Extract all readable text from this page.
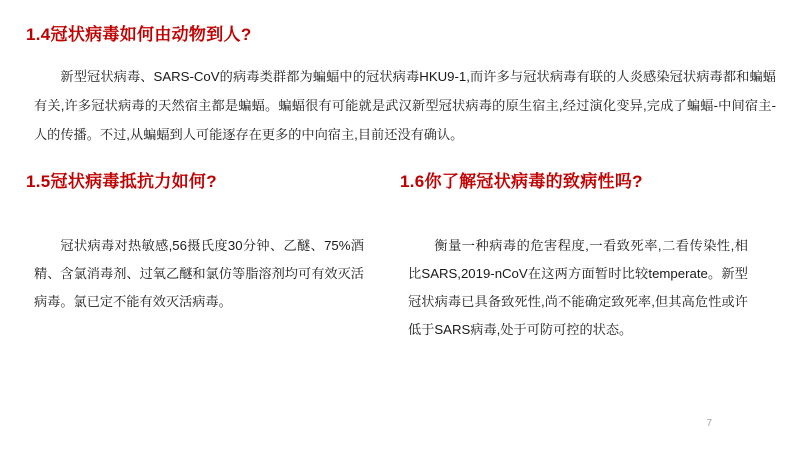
1.4冠状病毒如何由动物到人?
新型冠状病毒、SARS-CoV的病毒类群都为蝙蝠中的冠状病毒HKU9-1,而许多与冠状病毒有联的人炎感染冠状病毒都和蝙蝠有关,许多冠状病毒的天然宿主都是蝙蝠。蝙蝠很有可能就是武汉新型冠状病毒的原生宿主,经过演化变异,完成了蝙蝠-中间宿主-人的传播。不过,从蝙蝠到人可能逐存在更多的中向宿主,目前还没有确认。
1.5冠状病毒抵抗力如何?
冠状病毒对热敏感,56摄氏度30分钟、乙醚、75%酒精、含氯消毒剂、过氧乙醚和氯仿等脂溶剂均可有效灭活病毒。氯已定不能有效灭活病毒。
1.6你了解冠状病毒的致病性吗?
衡量一种病毒的危害程度,一看致死率,二看传染性,相比SARS,2019-nCoV在这两方面暂时比较temperate。新型冠状病毒已具备致死性,尚不能确定致死率,但其高危性或许低于SARS病毒,处于可防可控的状态。
7
